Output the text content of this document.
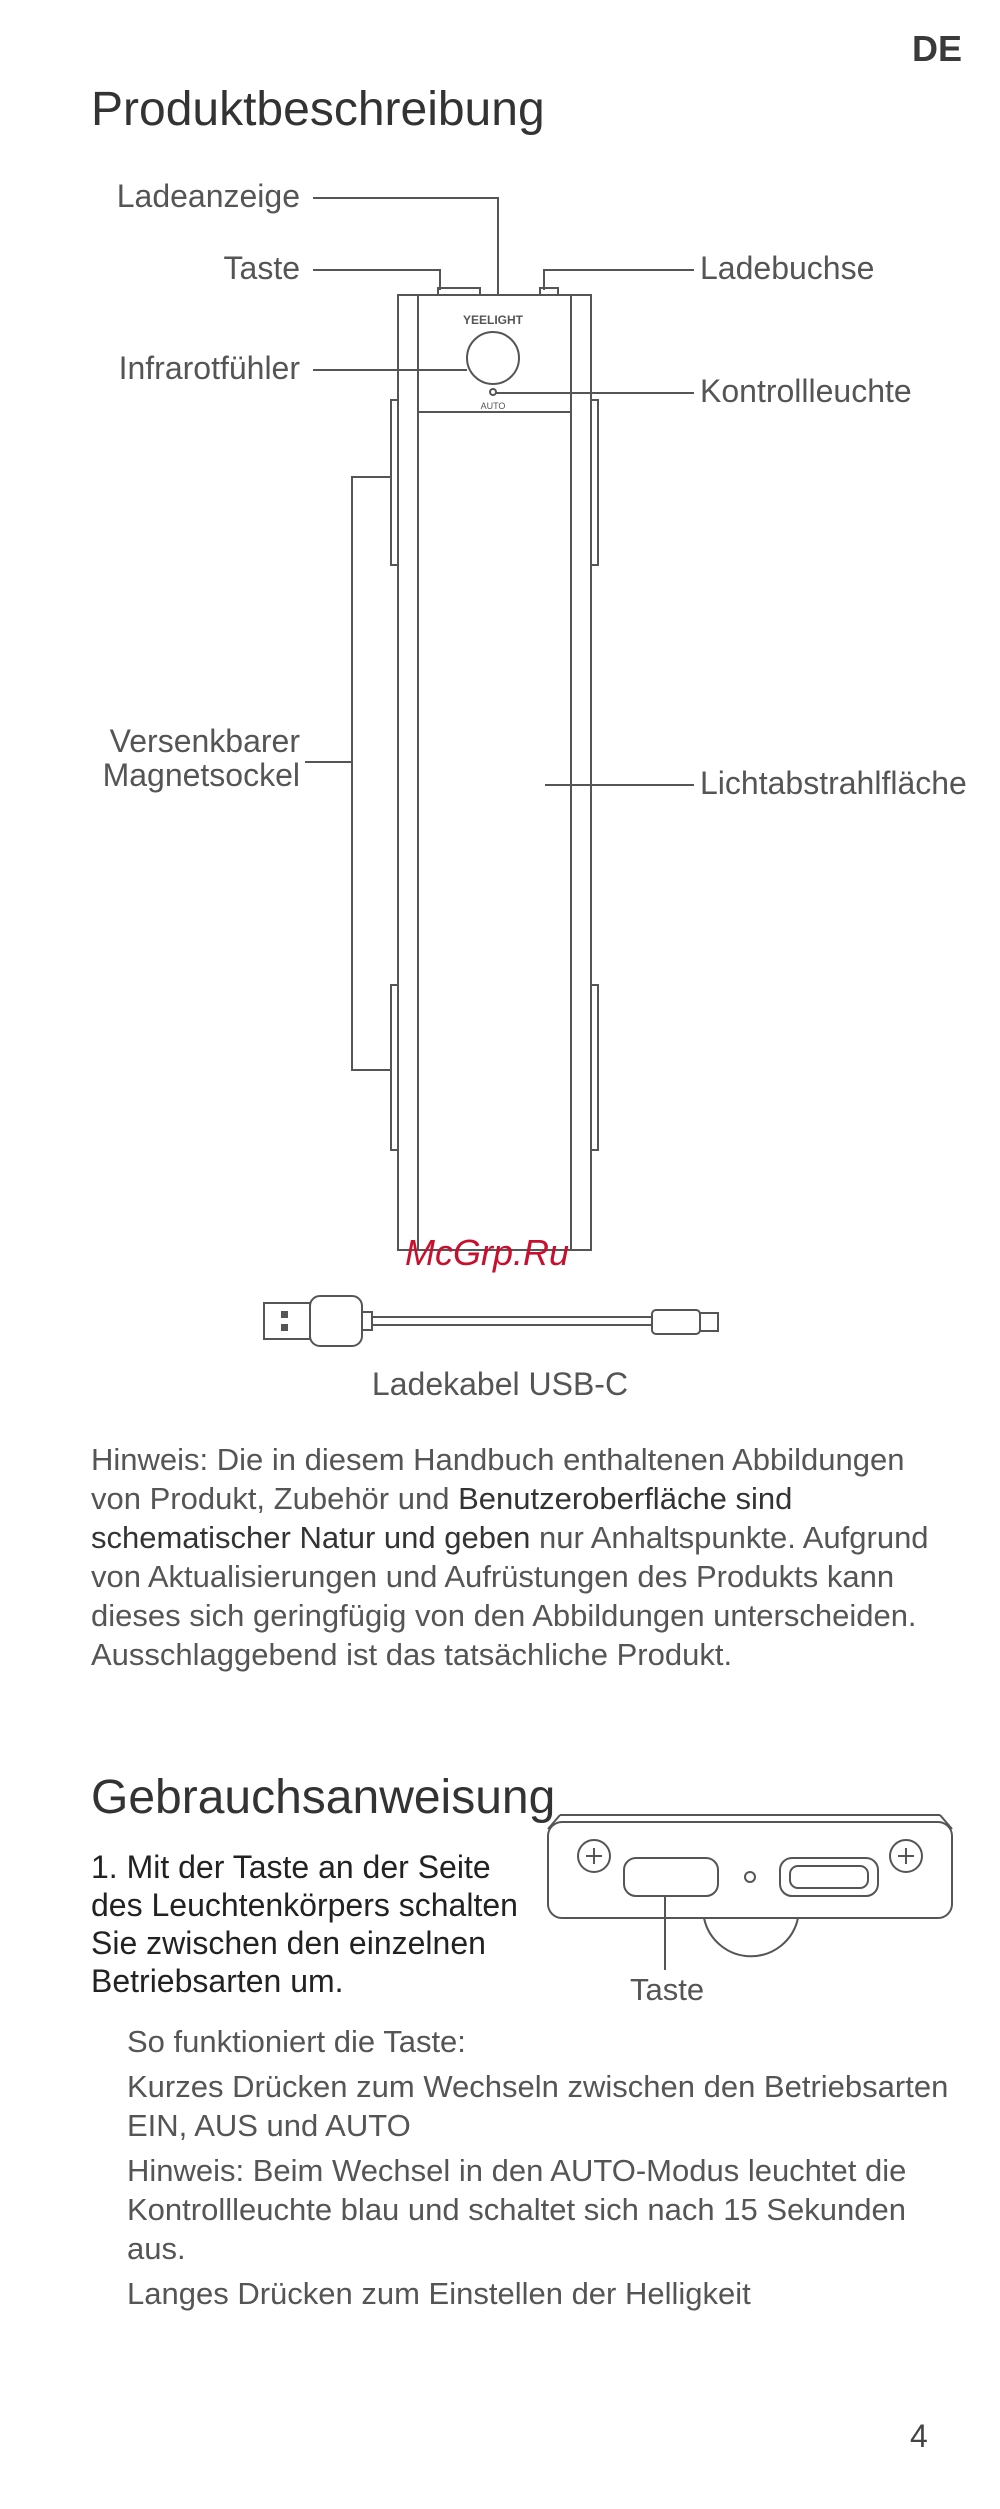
YEELIGHT
AUTO
DE
Produktbeschreibung
Ladeanzeige
Taste	Ladebuchse
Infrarotfühler
Kontrollleuchte
Versenkbarer
Magnetsockel	Lichtabstrahlfläche
McGrp.Ru
Ladekabel USB-C
Hinweis: Die in diesem Handbuch enthaltenen Abbildungen von Produkt, Zubehör und Benutzeroberfläche sind schematischer Natur und geben nur Anhaltspunkte. Aufgrund von Aktualisierungen und Aufrüstungen des Produkts kann dieses sich geringfügig von den Abbildungen unterscheiden. Ausschlaggebend ist das tatsächliche Produkt.
Gebrauchsanweisung
1. Mit der Taste an der Seite des Leuchtenkörpers schalten Sie zwischen den einzelnen Betriebsarten um.	Taste

So funktioniert die Taste:

Kurzes Drücken zum Wechseln zwischen den Betriebsarten EIN, AUS und AUTO

Hinweis: Beim Wechsel in den AUTO-Modus leuchtet die Kontrollleuchte blau und schaltet sich nach 15 Sekunden aus.

Langes Drücken zum Einstellen der Helligkeit

4
